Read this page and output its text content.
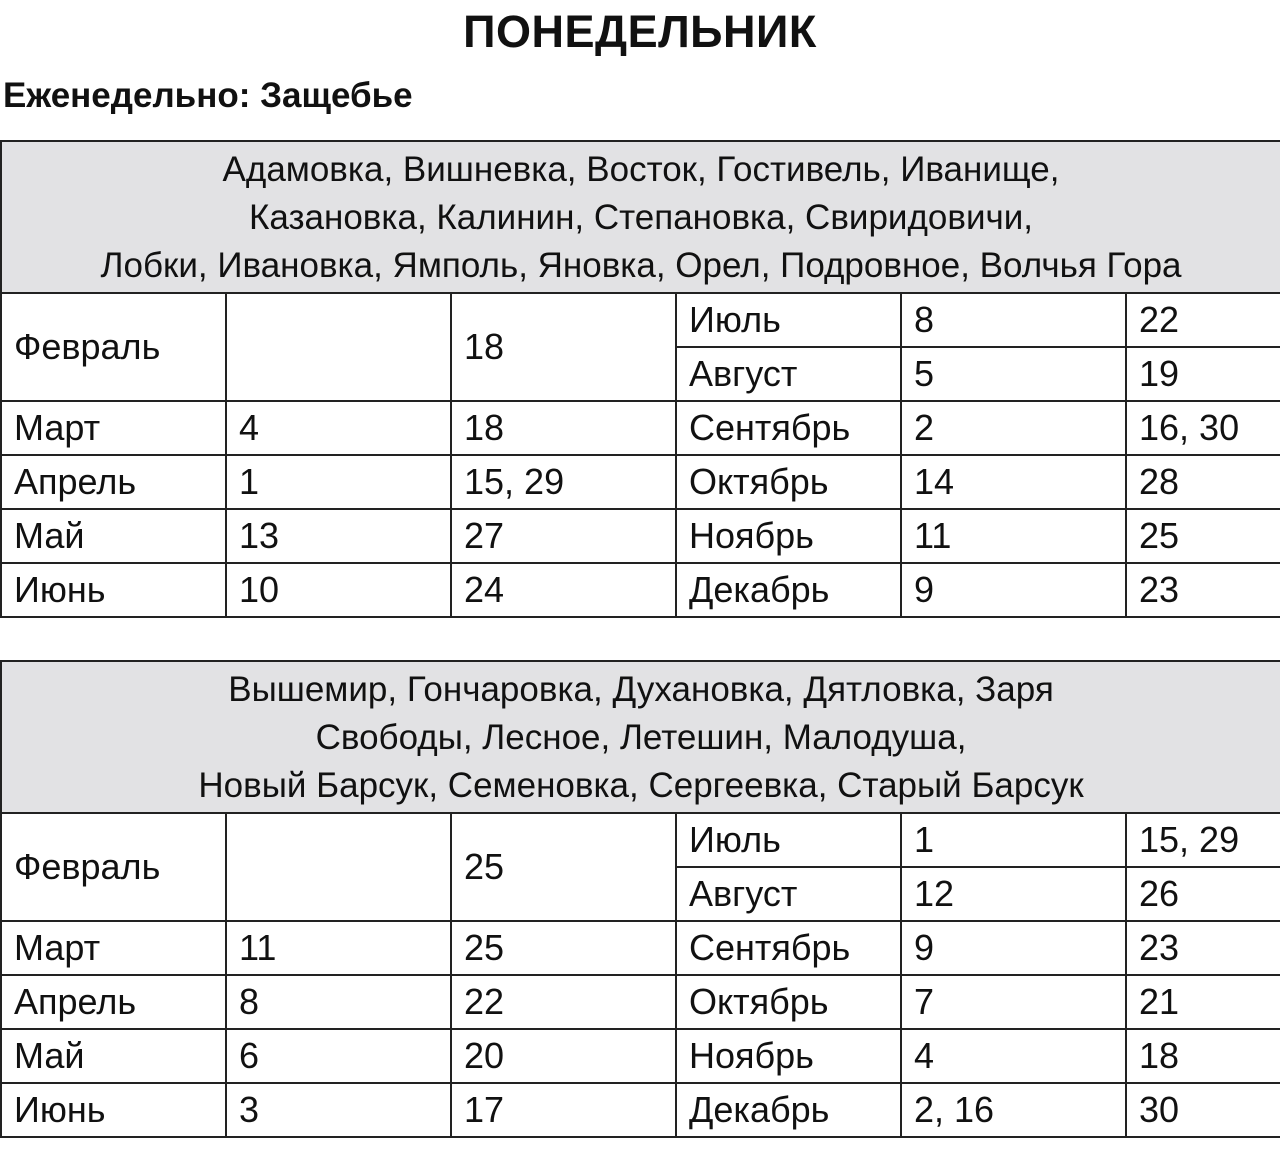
ПОНЕДЕЛЬНИК
Еженедельно: Защебье
Адамовка, Вишневка, Восток, Гостивель, Иванище,
Казановка, Калинин, Степановка, Свиридовичи,
Лобки, Ивановка, Ямполь, Яновка, Орел, Подровное, Волчья Гора					

Февраль		18	Июль	8	22
			Август	5	19
Март	4	18	Сентябрь	2	16, 30
Апрель	1	15, 29	Октябрь	14	28
Май	13	27	Ноябрь	11	25
Июнь	10	24	Декабрь	9	23
Вышемир, Гончаровка, Духановка, Дятловка, Заря
Свободы, Лесное, Летешин, Малодуша,
Новый Барсук, Семеновка, Сергеевка, Старый Барсук					

Февраль		25	Июль	1	15, 29
			Август	12	26
Март	11	25	Сентябрь	9	23
Апрель	8	22	Октябрь	7	21
Май	6	20	Ноябрь	4	18
Июнь	3	17	Декабрь	2, 16	30
